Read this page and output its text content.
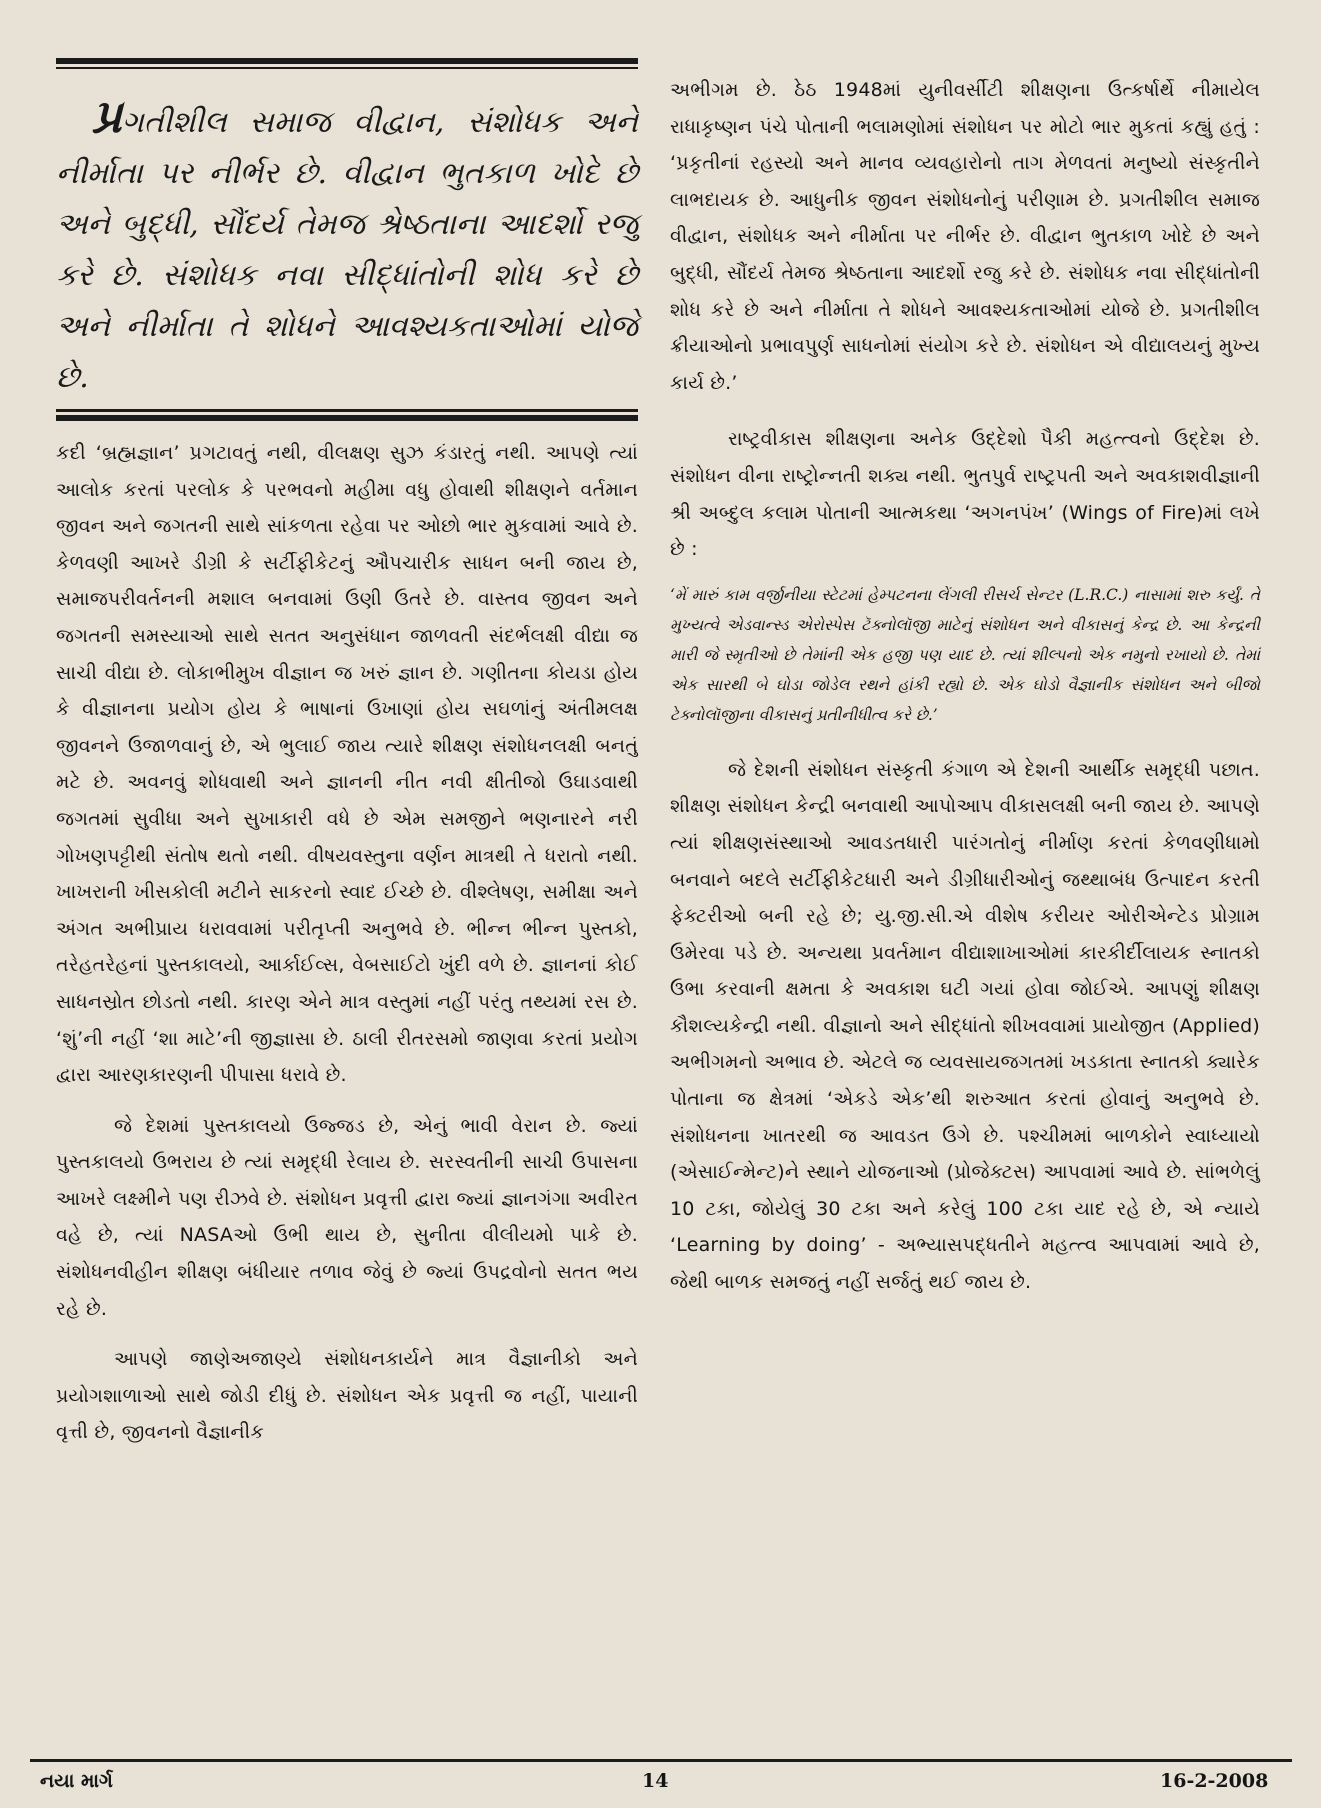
પ્રગતીશીલ સમાજ વીદ્વાન, સંશોધક અને નીર્માતા પર નીર્ભર છે. વીદ્વાન ભુતકાળ ખોદે છે અને બુદ્ધી, સૌંદર્ય તેમજ શ્રેષ્ઠતાના આદર્શો રજુ કરે છે. સંશોધક નવા સીદ્ધાંતોની શોધ કરે છે અને નીર્માતા તે શોધને આવશ્યકતાઓમાં યોજે છે.

કદી ‘બ્રહ્મજ્ઞાન’ પ્રગટાવતું નથી, વીલક્ષણ સુઝ કંડારતું નથી. આપણે ત્યાં આલોક કરતાં પરલોક કે પરભવનો મહીમા વધુ હોવાથી શીક્ષણને વર્તમાન જીવન અને જગતની સાથે સાંકળતા રહેવા પર ઓછો ભાર મુકવામાં આવે છે. કેળવણી આખરે ડીગ્રી કે સર્ટીફીકેટનું ઔપચારીક સાધન બની જાય છે, સમાજપરીવર્તનની મશાલ બનવામાં ઉણી ઉતરે છે. વાસ્તવ જીવન અને જગતની સમસ્યાઓ સાથે સતત અનુસંધાન જાળવતી સંદર્ભલક્ષી વીદ્યા જ સાચી વીદ્યા છે. લોકાભીમુખ વીજ્ઞાન જ ખરું જ્ઞાન છે. ગણીતના કોયડા હોય કે વીજ્ઞાનના પ્રયોગ હોય કે ભાષાનાં ઉખાણાં હોય સઘળાંનું અંતીમલક્ષ જીવનને ઉજાળવાનું છે, એ ભુલાઈ જાય ત્યારે શીક્ષણ સંશોધનલક્ષી બનતું મટે છે. અવનવું શોધવાથી અને જ્ઞાનની નીત નવી ક્ષીતીજો ઉઘાડવાથી જગતમાં સુવીધા અને સુખાકારી વધે છે એમ સમજીને ભણનારને નરી ગોખણપટ્ટીથી સંતોષ થતો નથી. વીષયવસ્તુના વર્ણન માત્રથી તે ધરાતો નથી. ખાખરાની ખીસકોલી મટીને સાકરનો સ્વાદ ઈચ્છે છે. વીશ્લેષણ, સમીક્ષા અને અંગત અભીપ્રાય ધરાવવામાં પરીતૃપ્તી અનુભવે છે. ભીન્ન ભીન્ન પુસ્તકો, તરેહતરેહનાં પુસ્તકાલયો, આર્કાઈવ્સ, વેબસાઈટો ખુંદી વળે છે. જ્ઞાનનાં કોઈ સાધનસ્રોત છોડતો નથી. કારણ એને માત્ર વસ્તુમાં નહીં પરંતુ તથ્યમાં રસ છે. ‘શું’ની નહીં ‘શા માટે’ની જીજ્ઞાસા છે. ઠાલી રીતરસમો જાણવા કરતાં પ્રયોગ દ્વારા આરણકારણની પીપાસા ધરાવે છે.

જે દેશમાં પુસ્તકાલયો ઉજ્જડ છે, એનું ભાવી વેરાન છે. જ્યાં પુસ્તકાલયો ઉભરાય છે ત્યાં સમૃદ્ધી રેલાય છે. સરસ્વતીની સાચી ઉપાસના આખરે લક્ષ્મીને પણ રીઝવે છે. સંશોધન પ્રવૃત્તી દ્વારા જ્યાં જ્ઞાનગંગા અવીરત વહે છે, ત્યાં NASAઓ ઉભી થાય છે, સુનીતા વીલીયમો પાકે છે. સંશોધનવીહીન શીક્ષણ બંધીયાર તળાવ જેવું છે જ્યાં ઉપદ્રવોનો સતત ભય રહે છે.

આપણે જાણેઅજાણ્યે સંશોધનકાર્યને માત્ર વૈજ્ઞાનીકો અને પ્રયોગશાળાઓ સાથે જોડી દીધું છે. સંશોધન એક પ્રવૃત્તી જ નહીં, પાયાની વૃત્તી છે, જીવનનો વૈજ્ઞાનીક

અભીગમ છે. ઠેઠ 1948માં યુનીવર્સીટી શીક્ષણના ઉત્કર્ષાર્થે નીમાયેલ રાધાકૃષ્ણન પંચે પોતાની ભલામણોમાં સંશોધન પર મોટો ભાર મુકતાં કહ્યું હતું : ‘પ્રકૃતીનાં રહસ્યો અને માનવ વ્યવહારોનો તાગ મેળવતાં મનુષ્યો સંસ્કૃતીને લાભદાયક છે. આધુનીક જીવન સંશોધનોનું પરીણામ છે. પ્રગતીશીલ સમાજ વીદ્વાન, સંશોધક અને નીર્માતા પર નીર્ભર છે. વીદ્વાન ભુતકાળ ખોદે છે અને બુદ્ધી, સૌંદર્ય તેમજ શ્રેષ્ઠતાના આદર્શો રજુ કરે છે. સંશોધક નવા સીદ્ધાંતોની શોધ કરે છે અને નીર્માતા તે શોધને આવશ્યકતાઓમાં યોજે છે. પ્રગતીશીલ ક્રીયાઓનો પ્રભાવપુર્ણ સાધનોમાં સંયોગ કરે છે. સંશોધન એ વીદ્યાલયનું મુખ્ય કાર્ય છે.’

રાષ્ટ્રવીકાસ શીક્ષણના અનેક ઉદ્દેશો પૈકી મહત્ત્વનો ઉદ્દેશ છે. સંશોધન વીના રાષ્ટ્રોન્નતી શક્ય નથી. ભુતપુર્વ રાષ્ટ્રપતી અને અવકાશવીજ્ઞાની શ્રી અબ્દુલ કલામ પોતાની આત્મકથા ‘અગનપંખ’ (Wings of Fire)માં લખે છે :

‘મેં મારું કામ વર્જીનીયા સ્ટેટમાં હેમ્પટનના લેંગલી રીસર્ચ સેન્ટર (L.R.C.) નાસામાં શરુ કર્યું. તે મુખ્યત્વે એડવાન્સ્ડ એરોસ્પેસ ટૅક્નોલૉજી માટેનું સંશોધન અને વીકાસનું કેન્દ્ર છે. આ કેન્દ્રની મારી જે સ્મૃતીઓ છે તેમાંની એક હજી પણ યાદ છે. ત્યાં શીલ્પનો એક નમુનો રખાયો છે. તેમાં એક સારથી બે ઘોડા જોડેલ રથને હાંકી રહ્યો છે. એક ઘોડો વૈજ્ઞાનીક સંશોધન અને બીજો ટેક્નોલૉજીના વીકાસનું પ્રતીનીધીત્વ કરે છે.’

જે દેશની સંશોધન સંસ્કૃતી કંગાળ એ દેશની આર્થીક સમૃદ્ધી પછાત. શીક્ષણ સંશોધન કેન્દ્રી બનવાથી આપોઆપ વીકાસલક્ષી બની જાય છે. આપણે ત્યાં શીક્ષણસંસ્થાઓ આવડતધારી પારંગતોનું નીર્માણ કરતાં કેળવણીધામો બનવાને બદલે સર્ટીફીકેટધારી અને ડીગ્રીધારીઓનું જથ્થાબંધ ઉત્પાદન કરતી ફેક્ટરીઓ બની રહે છે; યુ.જી.સી.એ વીશેષ કરીયર ઓરીએન્ટેડ પ્રોગ્રામ ઉમેરવા પડે છે. અન્યથા પ્રવર્તમાન વીદ્યાશાખાઓમાં કારકીર્દીલાયક સ્નાતકો ઉભા કરવાની ક્ષમતા કે અવકાશ ઘટી ગયાં હોવા જોઈએ. આપણું શીક્ષણ કૌશલ્યકેન્દ્રી નથી. વીજ્ઞાનો અને સીદ્ધાંતો શીખવવામાં પ્રાયોજીત (Applied) અભીગમનો અભાવ છે. એટલે જ વ્યવસાયજગતમાં ખડકાતા સ્નાતકો ક્યારેક પોતાના જ ક્ષેત્રમાં ‘એકડે એક’થી શરુઆત કરતાં હોવાનું અનુભવે છે. સંશોધનના ખાતરથી જ આવડત ઉગે છે. પશ્ચીમમાં બાળકોને સ્વાધ્યાયો (એસાઈન્મેન્ટ)ને સ્થાને યોજનાઓ (પ્રોજેક્ટસ) આપવામાં આવે છે. સાંભળેલું 10 ટકા, જોયેલું 30 ટકા અને કરેલું 100 ટકા યાદ રહે છે, એ ન્યાયે ‘Learning by doing’ - અભ્યાસપદ્ધતીને મહત્ત્વ આપવામાં આવે છે, જેથી બાળક સમજતું નહીં સર્જતું થઈ જાય છે.

નયા માર્ગ	14	16-2-2008
